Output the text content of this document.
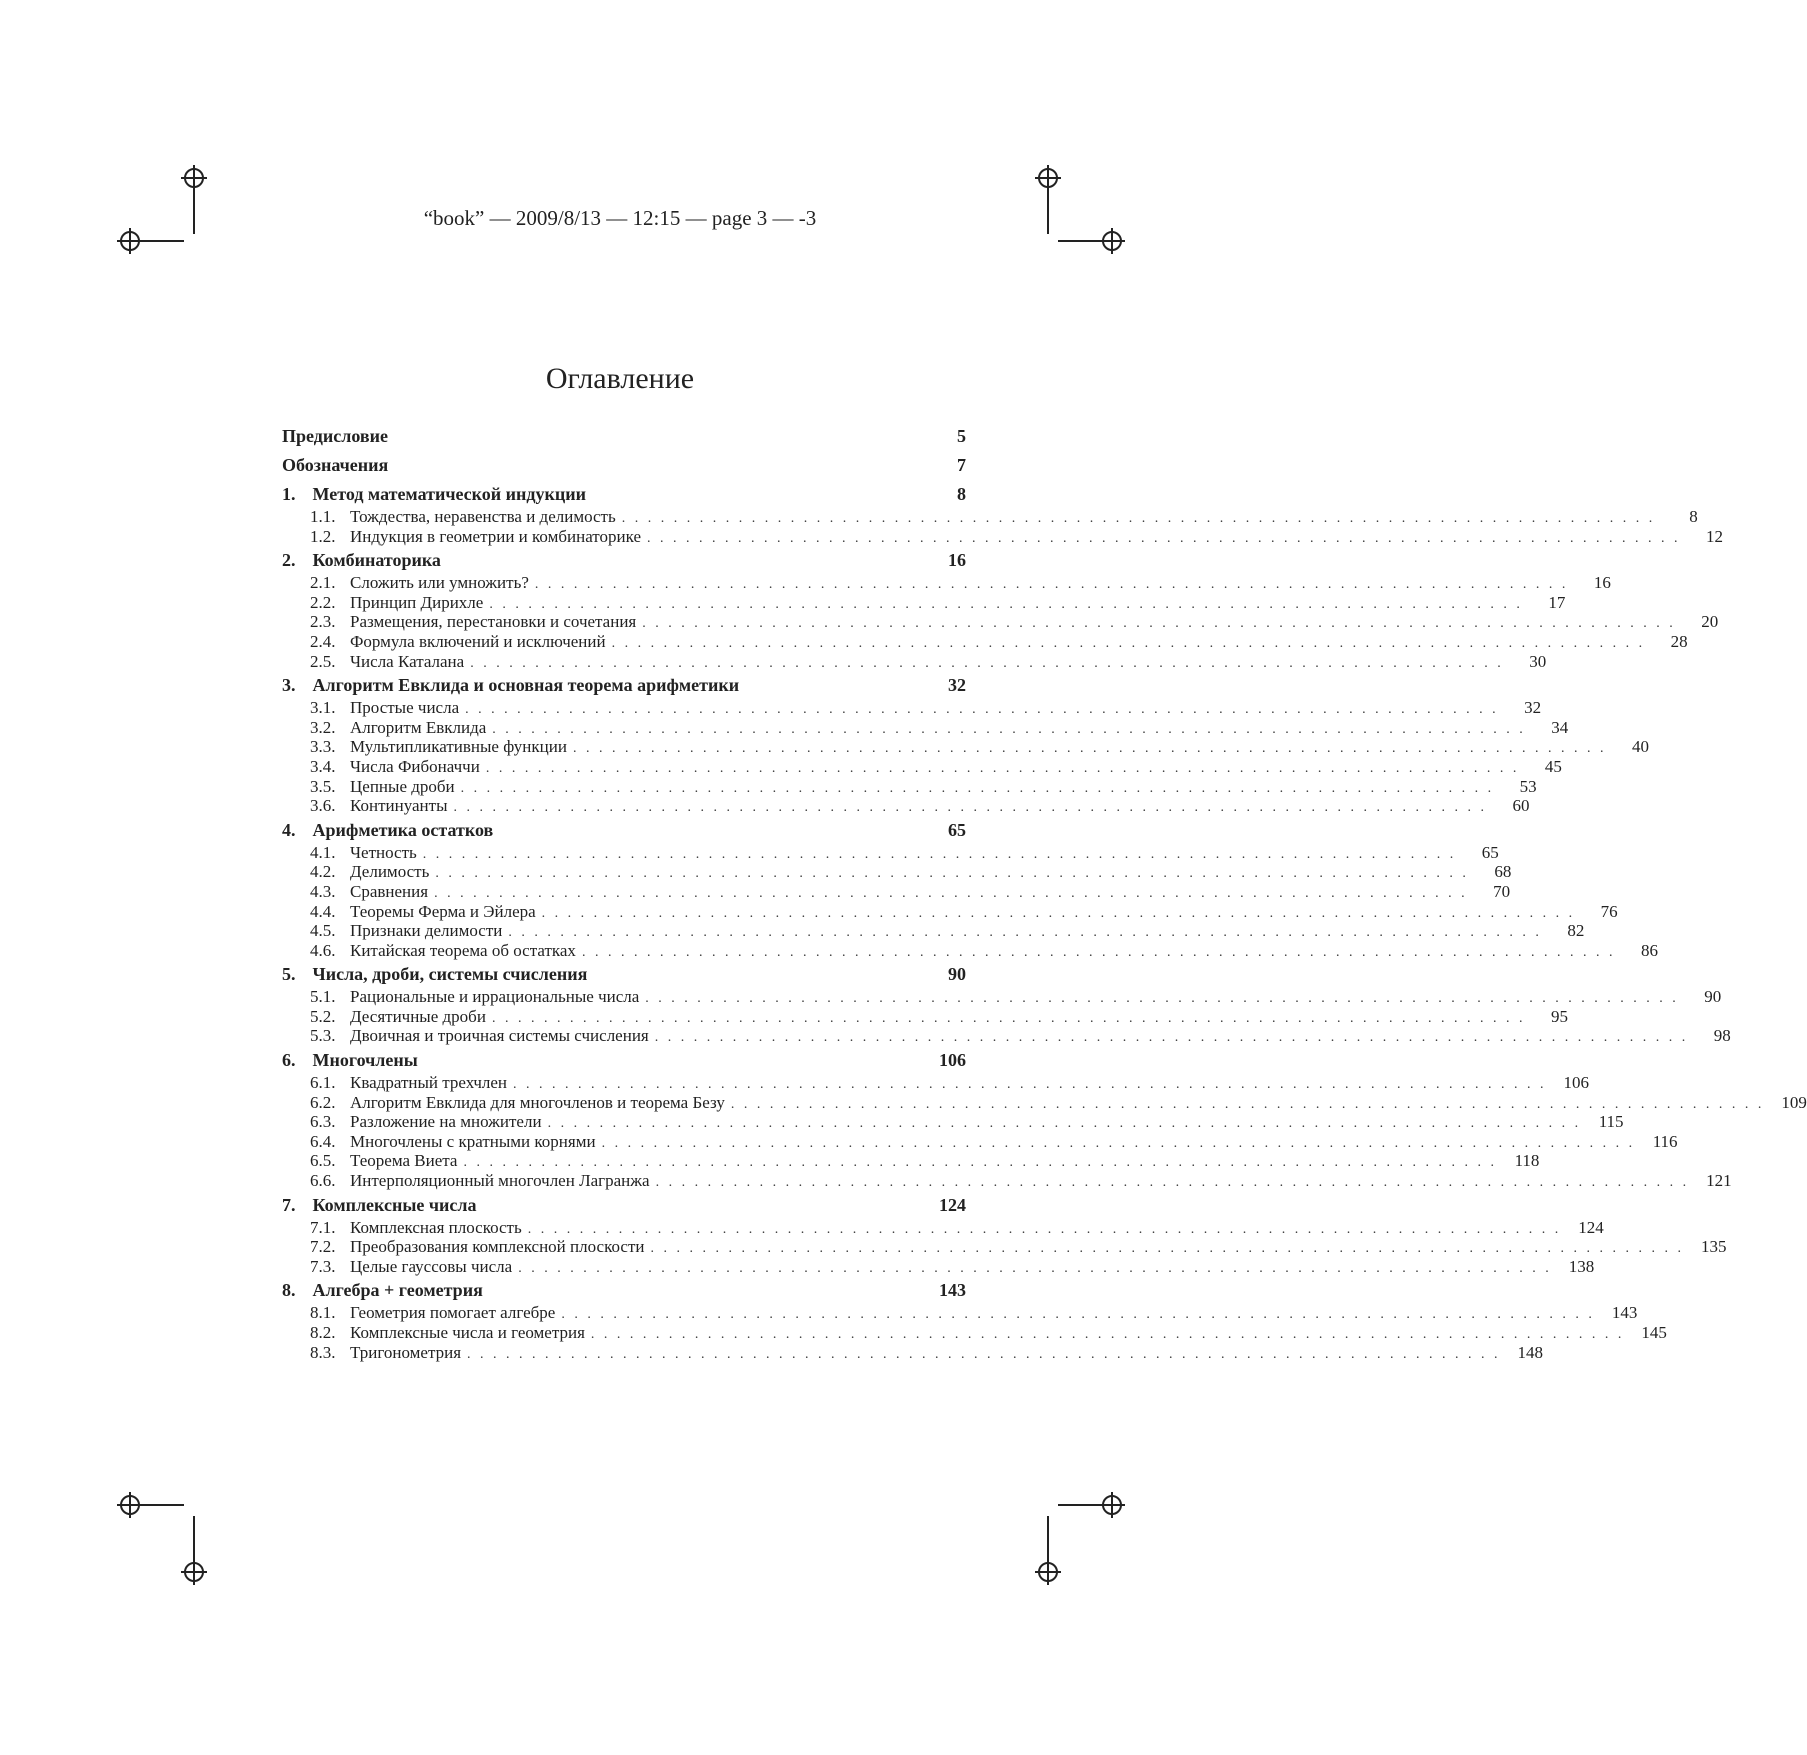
“book” — 2009/8/13 — 12:15 — page 3 — -3
Оглавление
Предисловие	5
Обозначения	7
1. Метод математической индукции	8
1.1. Тождества, неравенства и делимость ................................................................................	8
1.2. Индукция в геометрии и комбинаторике ................................................................................	12
2. Комбинаторика	16
2.1. Сложить или умножить? ................................................................................	16
2.2. Принцип Дирихле ................................................................................	17
2.3. Размещения, перестановки и сочетания ................................................................................	20
2.4. Формула включений и исключений ................................................................................	28
2.5. Числа Каталана ................................................................................	30
3. Алгоритм Евклида и основная теорема арифметики	32
3.1. Простые числа ................................................................................	32
3.2. Алгоритм Евклида ................................................................................	34
3.3. Мультипликативные функции ................................................................................	40
3.4. Числа Фибоначчи ................................................................................	45
3.5. Цепные дроби ................................................................................	53
3.6. Континуанты ................................................................................	60
4. Арифметика остатков	65
4.1. Четность ................................................................................	65
4.2. Делимость ................................................................................	68
4.3. Сравнения ................................................................................	70
4.4. Теоремы Ферма и Эйлера ................................................................................	76
4.5. Признаки делимости ................................................................................	82
4.6. Китайская теорема об остатках ................................................................................	86
5. Числа, дроби, системы счисления	90
5.1. Рациональные и иррациональные числа ................................................................................	90
5.2. Десятичные дроби ................................................................................	95
5.3. Двоичная и троичная системы счисления ................................................................................	98
6. Многочлены	106
6.1. Квадратный трехчлен ................................................................................ 106
6.2. Алгоритм Евклида для многочленов и теорема Безу ................................................................................ 109
6.3. Разложение на множители ................................................................................ 115
6.4. Многочлены с кратными корнями ................................................................................ 116
6.5. Теорема Виета ................................................................................ 118
6.6. Интерполяционный многочлен Лагранжа ................................................................................ 121
7. Комплексные числа	124
7.1. Комплексная плоскость ................................................................................ 124
7.2. Преобразования комплексной плоскости ................................................................................ 135
7.3. Целые гауссовы числа ................................................................................ 138
8. Алгебра + геометрия	143
8.1. Геометрия помогает алгебре ................................................................................ 143
8.2. Комплексные числа и геометрия ................................................................................ 145
8.3. Тригонометрия ................................................................................ 148
